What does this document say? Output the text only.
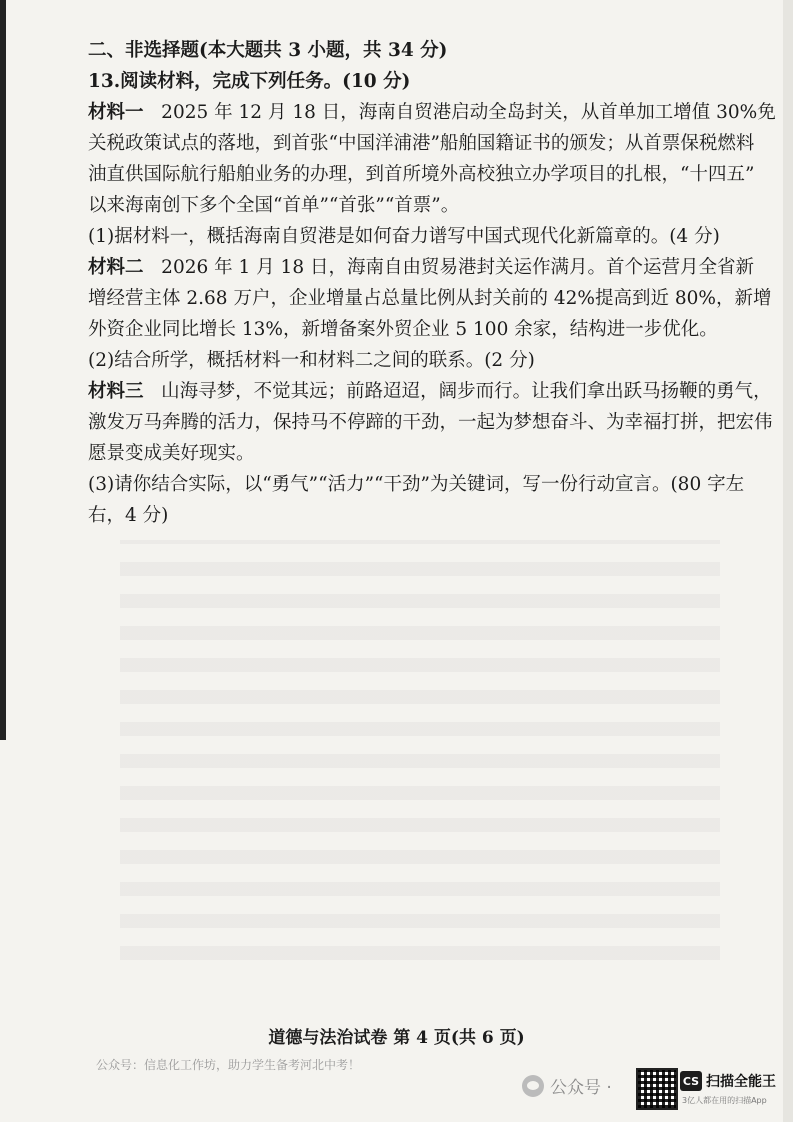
二、非选择题(本大题共 3 小题，共 34 分)
13.阅读材料，完成下列任务。(10 分)
材料一 2025 年 12 月 18 日，海南自贸港启动全岛封关，从首单加工增值 30%免
关税政策试点的落地，到首张“中国洋浦港”船舶国籍证书的颁发；从首票保税燃料
油直供国际航行船舶业务的办理，到首所境外高校独立办学项目的扎根，“十四五”
以来海南创下多个全国“首单”“首张”“首票”。
(1)据材料一，概括海南自贸港是如何奋力谱写中国式现代化新篇章的。(4 分)
材料二 2026 年 1 月 18 日，海南自由贸易港封关运作满月。首个运营月全省新
增经营主体 2.68 万户，企业增量占总量比例从封关前的 42%提高到近 80%，新增
外资企业同比增长 13%，新增备案外贸企业 5 100 余家，结构进一步优化。
(2)结合所学，概括材料一和材料二之间的联系。(2 分)
材料三 山海寻梦，不觉其远；前路迢迢，阔步而行。让我们拿出跃马扬鞭的勇气，
激发万马奔腾的活力，保持马不停蹄的干劲，一起为梦想奋斗、为幸福打拼，把宏伟
愿景变成美好现实。
(3)请你结合实际，以“勇气”“活力”“干劲”为关键词，写一份行动宣言。(80 字左
右，4 分)
道德与法治试卷 第 4 页(共 6 页)
公众号：信息化工作坊，助力学生备考河北中考！
公众号 ·	CS 扫描全能王
3亿人都在用的扫描App
